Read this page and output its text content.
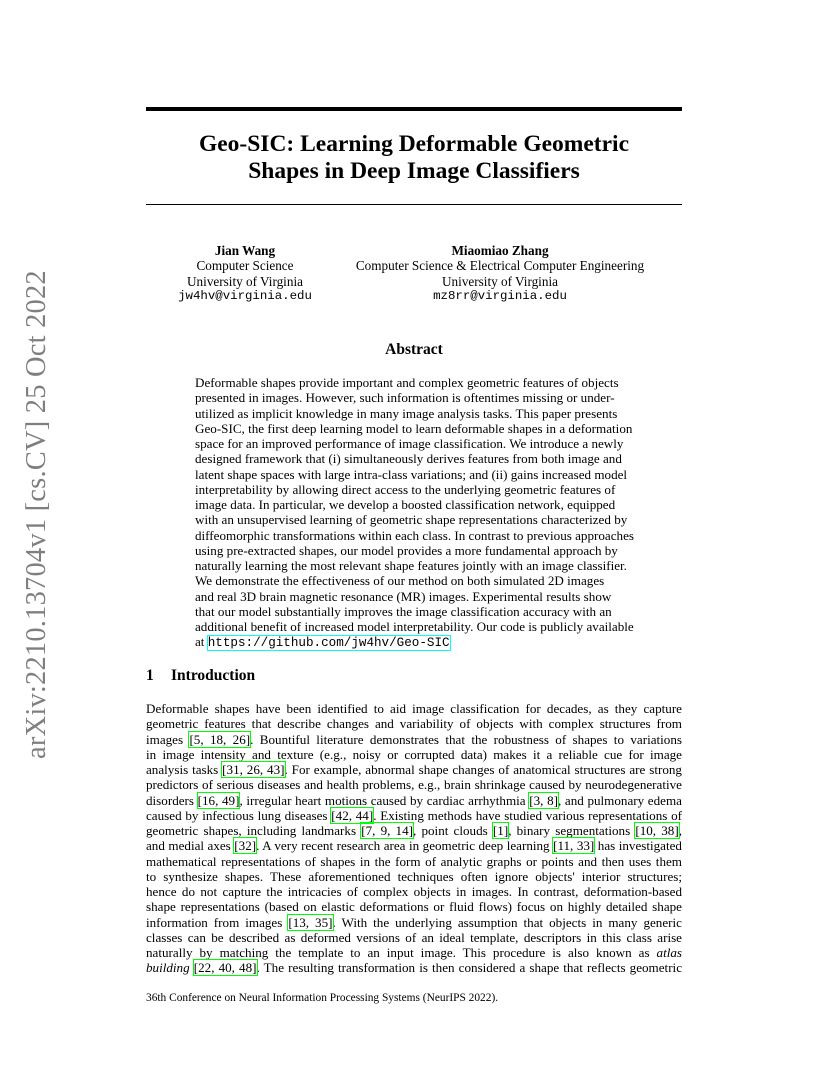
arXiv:2210.13704v1 [cs.CV] 25 Oct 2022
Geo-SIC: Learning Deformable Geometric
Shapes in Deep Image Classifiers
Jian Wang
Computer Science
University of Virginia
jw4hv@virginia.edu
Miaomiao Zhang
Computer Science & Electrical Computer Engineering
University of Virginia
mz8rr@virginia.edu
Abstract
Deformable shapes provide important and complex geometric features of objects
presented in images. However, such information is oftentimes missing or under-
utilized as implicit knowledge in many image analysis tasks. This paper presents
Geo-SIC, the first deep learning model to learn deformable shapes in a deformation
space for an improved performance of image classification. We introduce a newly
designed framework that (i) simultaneously derives features from both image and
latent shape spaces with large intra-class variations; and (ii) gains increased model
interpretability by allowing direct access to the underlying geometric features of
image data. In particular, we develop a boosted classification network, equipped
with an unsupervised learning of geometric shape representations characterized by
diffeomorphic transformations within each class. In contrast to previous approaches
using pre-extracted shapes, our model provides a more fundamental approach by
naturally learning the most relevant shape features jointly with an image classifier.
We demonstrate the effectiveness of our method on both simulated 2D images
and real 3D brain magnetic resonance (MR) images. Experimental results show
that our model substantially improves the image classification accuracy with an
additional benefit of increased model interpretability. Our code is publicly available
at https://github.com/jw4hv/Geo-SIC
1 Introduction
Deformable shapes have been identified to aid image classification for decades, as they capture
geometric features that describe changes and variability of objects with complex structures from
images [5, 18, 26]. Bountiful literature demonstrates that the robustness of shapes to variations
in image intensity and texture (e.g., noisy or corrupted data) makes it a reliable cue for image
analysis tasks [31, 26, 43]. For example, abnormal shape changes of anatomical structures are strong
predictors of serious diseases and health problems, e.g., brain shrinkage caused by neurodegenerative
disorders [16, 49], irregular heart motions caused by cardiac arrhythmia [3, 8], and pulmonary edema
caused by infectious lung diseases [42, 44]. Existing methods have studied various representations of
geometric shapes, including landmarks [7, 9, 14], point clouds [1], binary segmentations [10, 38],
and medial axes [32]. A very recent research area in geometric deep learning [11, 33] has investigated
mathematical representations of shapes in the form of analytic graphs or points and then uses them
to synthesize shapes. These aforementioned techniques often ignore objects' interior structures;
hence do not capture the intricacies of complex objects in images. In contrast, deformation-based
shape representations (based on elastic deformations or fluid flows) focus on highly detailed shape
information from images [13, 35]. With the underlying assumption that objects in many generic
classes can be described as deformed versions of an ideal template, descriptors in this class arise
naturally by matching the template to an input image. This procedure is also known as atlas
building [22, 40, 48]. The resulting transformation is then considered a shape that reflects geometric
36th Conference on Neural Information Processing Systems (NeurIPS 2022).
